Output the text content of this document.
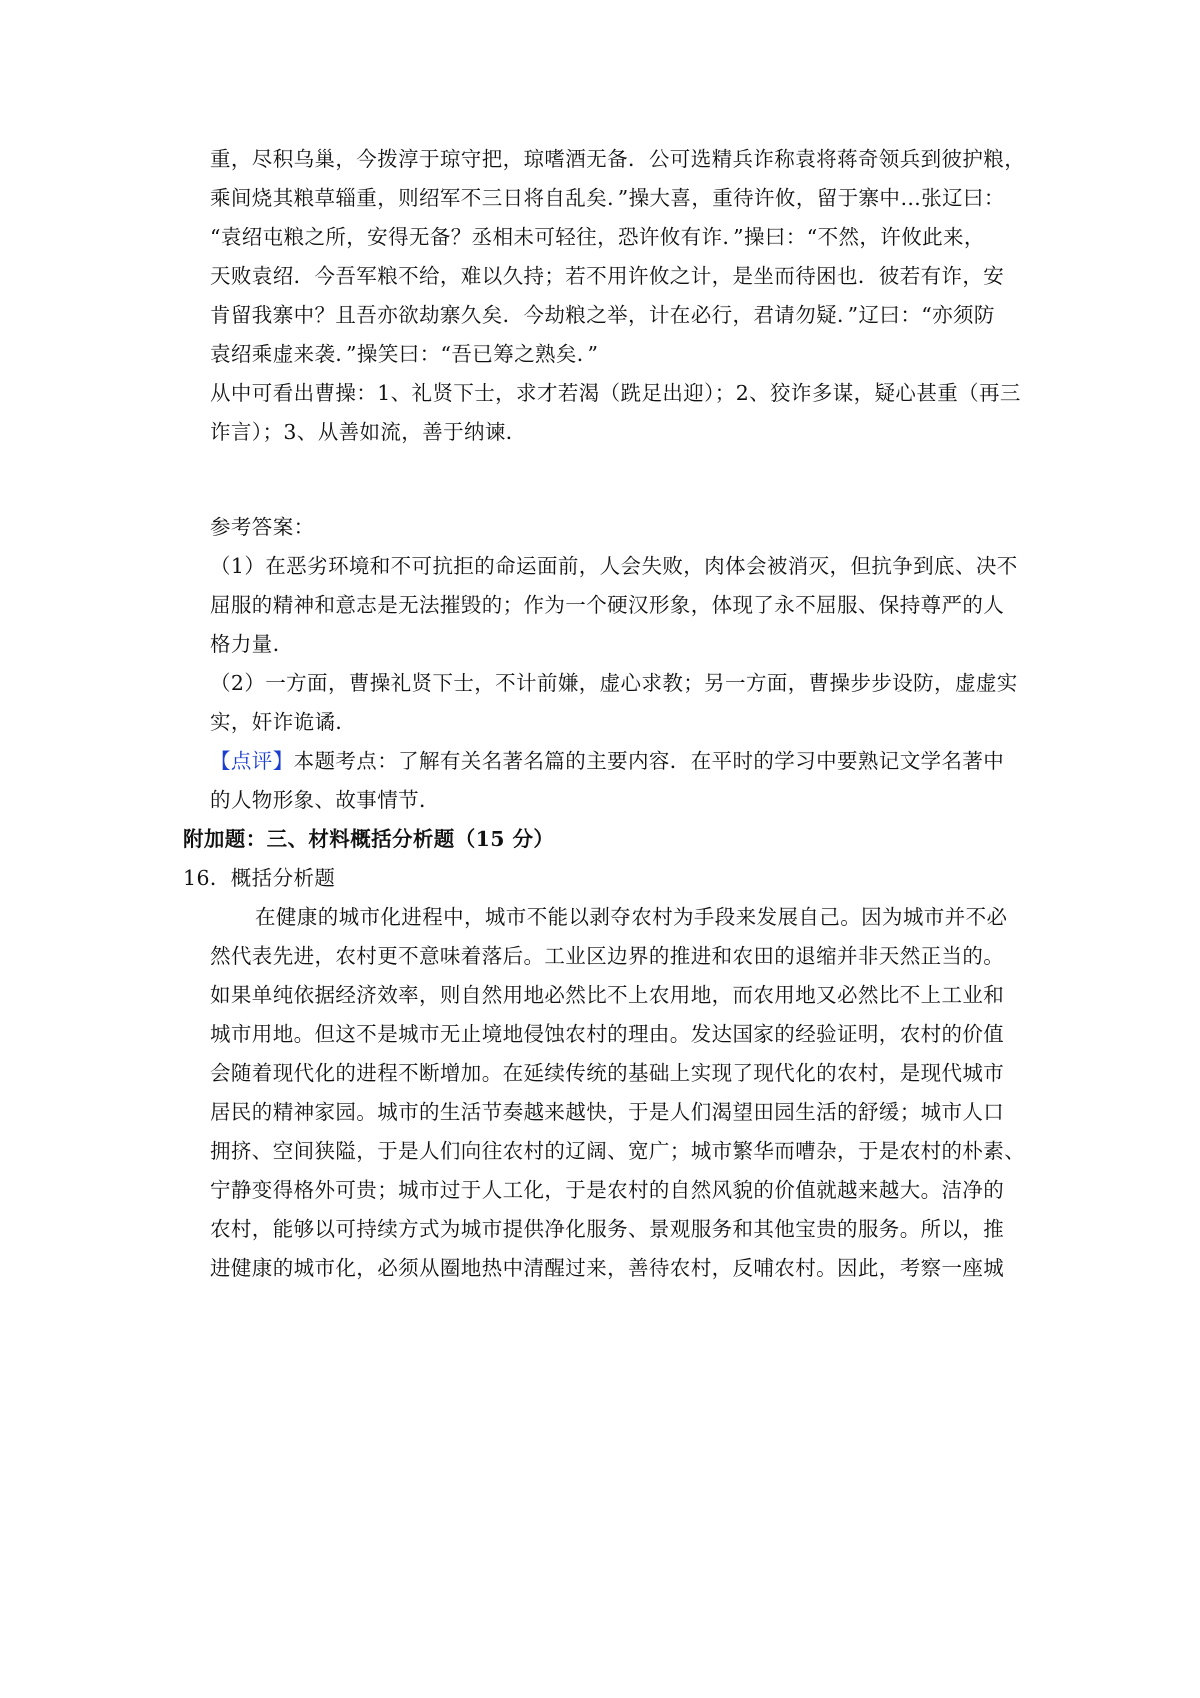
重，尽积乌巢，今拨淳于琼守把，琼嗜酒无备．公可选精兵诈称袁将蒋奇领兵到彼护粮，
乘间烧其粮草辎重，则绍军不三日将自乱矣．”操大喜，重待许攸，留于寨中…张辽曰：
“袁绍屯粮之所，安得无备？丞相未可轻往，恐许攸有诈．”操曰：“不然，许攸此来，
天败袁绍．今吾军粮不给，难以久持；若不用许攸之计，是坐而待困也．彼若有诈，安
肯留我寨中？且吾亦欲劫寨久矣．今劫粮之举，计在必行，君请勿疑．”辽曰：“亦须防
袁绍乘虚来袭．”操笑曰：“吾已筹之熟矣．”
从中可看出曹操：1、礼贤下士，求才若渴（跣足出迎）；2、狡诈多谋，疑心甚重（再三
诈言）；3、从善如流，善于纳谏．
参考答案：
（1）在恶劣环境和不可抗拒的命运面前，人会失败，肉体会被消灭，但抗争到底、决不
屈服的精神和意志是无法摧毁的；作为一个硬汉形象，体现了永不屈服、保持尊严的人
格力量．
（2）一方面，曹操礼贤下士，不计前嫌，虚心求教；另一方面，曹操步步设防，虚虚实
实，奸诈诡谲．
【点评】本题考点：了解有关名著名篇的主要内容．在平时的学习中要熟记文学名著中
的人物形象、故事情节．
附加题：三、材料概括分析题（15 分）
16．概括分析题
在健康的城市化进程中，城市不能以剥夺农村为手段来发展自己。因为城市并不必
然代表先进，农村更不意味着落后。工业区边界的推进和农田的退缩并非天然正当的。
如果单纯依据经济效率，则自然用地必然比不上农用地，而农用地又必然比不上工业和
城市用地。但这不是城市无止境地侵蚀农村的理由。发达国家的经验证明，农村的价值
会随着现代化的进程不断增加。在延续传统的基础上实现了现代化的农村，是现代城市
居民的精神家园。城市的生活节奏越来越快，于是人们渴望田园生活的舒缓；城市人口
拥挤、空间狭隘，于是人们向往农村的辽阔、宽广；城市繁华而嘈杂，于是农村的朴素、
宁静变得格外可贵；城市过于人工化，于是农村的自然风貌的价值就越来越大。洁净的
农村，能够以可持续方式为城市提供净化服务、景观服务和其他宝贵的服务。所以，推
进健康的城市化，必须从圈地热中清醒过来，善待农村，反哺农村。因此，考察一座城
